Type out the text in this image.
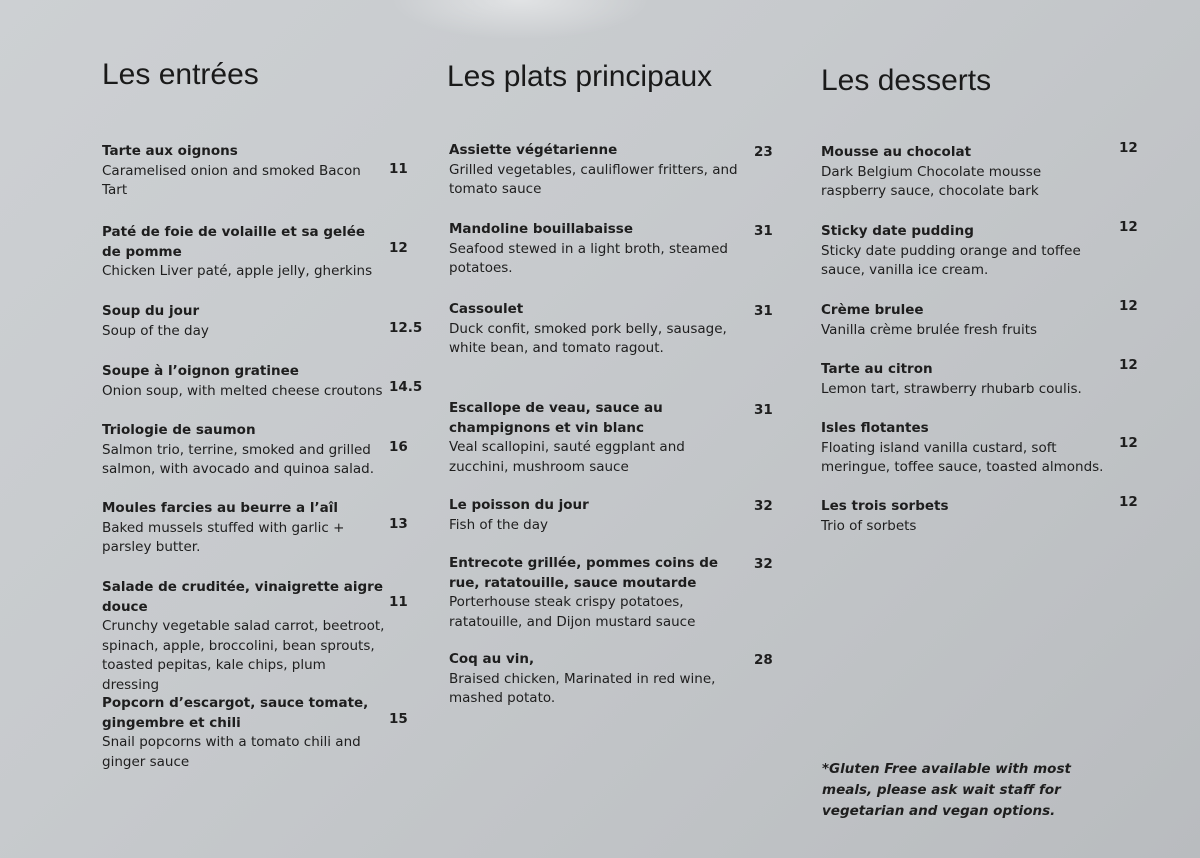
Les entrées	Les plats principaux	Les desserts
Tarte aux oignons
Caramelised onion and smoked Bacon Tart
11
Paté de foie de volaille et sa gelée de pomme
Chicken Liver paté, apple jelly, gherkins
12
Soup du jour
Soup of the day	12.5
Soupe à l’oignon gratinee
Onion soup, with melted cheese croutons 14.5
Triologie de saumon
Salmon trio, terrine, smoked and grilled salmon, with avocado and quinoa salad.
16
Moules farcies au beurre a l’aîl
Baked mussels stuffed with garlic + parsley butter.
13
Salade de cruditée, vinaigrette aigre douce
Crunchy vegetable salad carrot, beetroot, spinach, apple, broccolini, bean sprouts, toasted pepitas, kale chips, plum dressing
11
Popcorn d’escargot, sauce tomate, gingembre et chili
Snail popcorns with a tomato chili and ginger sauce
15
Assiette végétarienne
Grilled vegetables, cauliflower fritters, and tomato sauce
23
Mandoline bouillabaisse
Seafood stewed in a light broth, steamed potatoes.
31
Cassoulet
Duck confit, smoked pork belly, sausage, white bean, and tomato ragout.
31
Escallope de veau, sauce au champignons et vin blanc
Veal scallopini, sauté eggplant and zucchini, mushroom sauce
31
Le poisson du jour
Fish of the day
32
Entrecote grillée, pommes coins de rue, ratatouille, sauce moutarde
Porterhouse steak crispy potatoes, ratatouille, and Dijon mustard sauce
32
Coq au vin,
Braised chicken, Marinated in red wine, mashed potato.
28
Mousse au chocolat
Dark Belgium Chocolate mousse raspberry sauce, chocolate bark
12
Sticky date pudding
Sticky date pudding orange and toffee sauce, vanilla ice cream.
12
Crème brulee
Vanilla crème brulée fresh fruits
12
Tarte au citron
Lemon tart, strawberry rhubarb coulis.
12
Isles flotantes
Floating island vanilla custard, soft meringue, toffee sauce, toasted almonds.
12
Les trois sorbets
Trio of sorbets
12
*Gluten Free available with most meals, please ask wait staff for vegetarian and vegan options.
